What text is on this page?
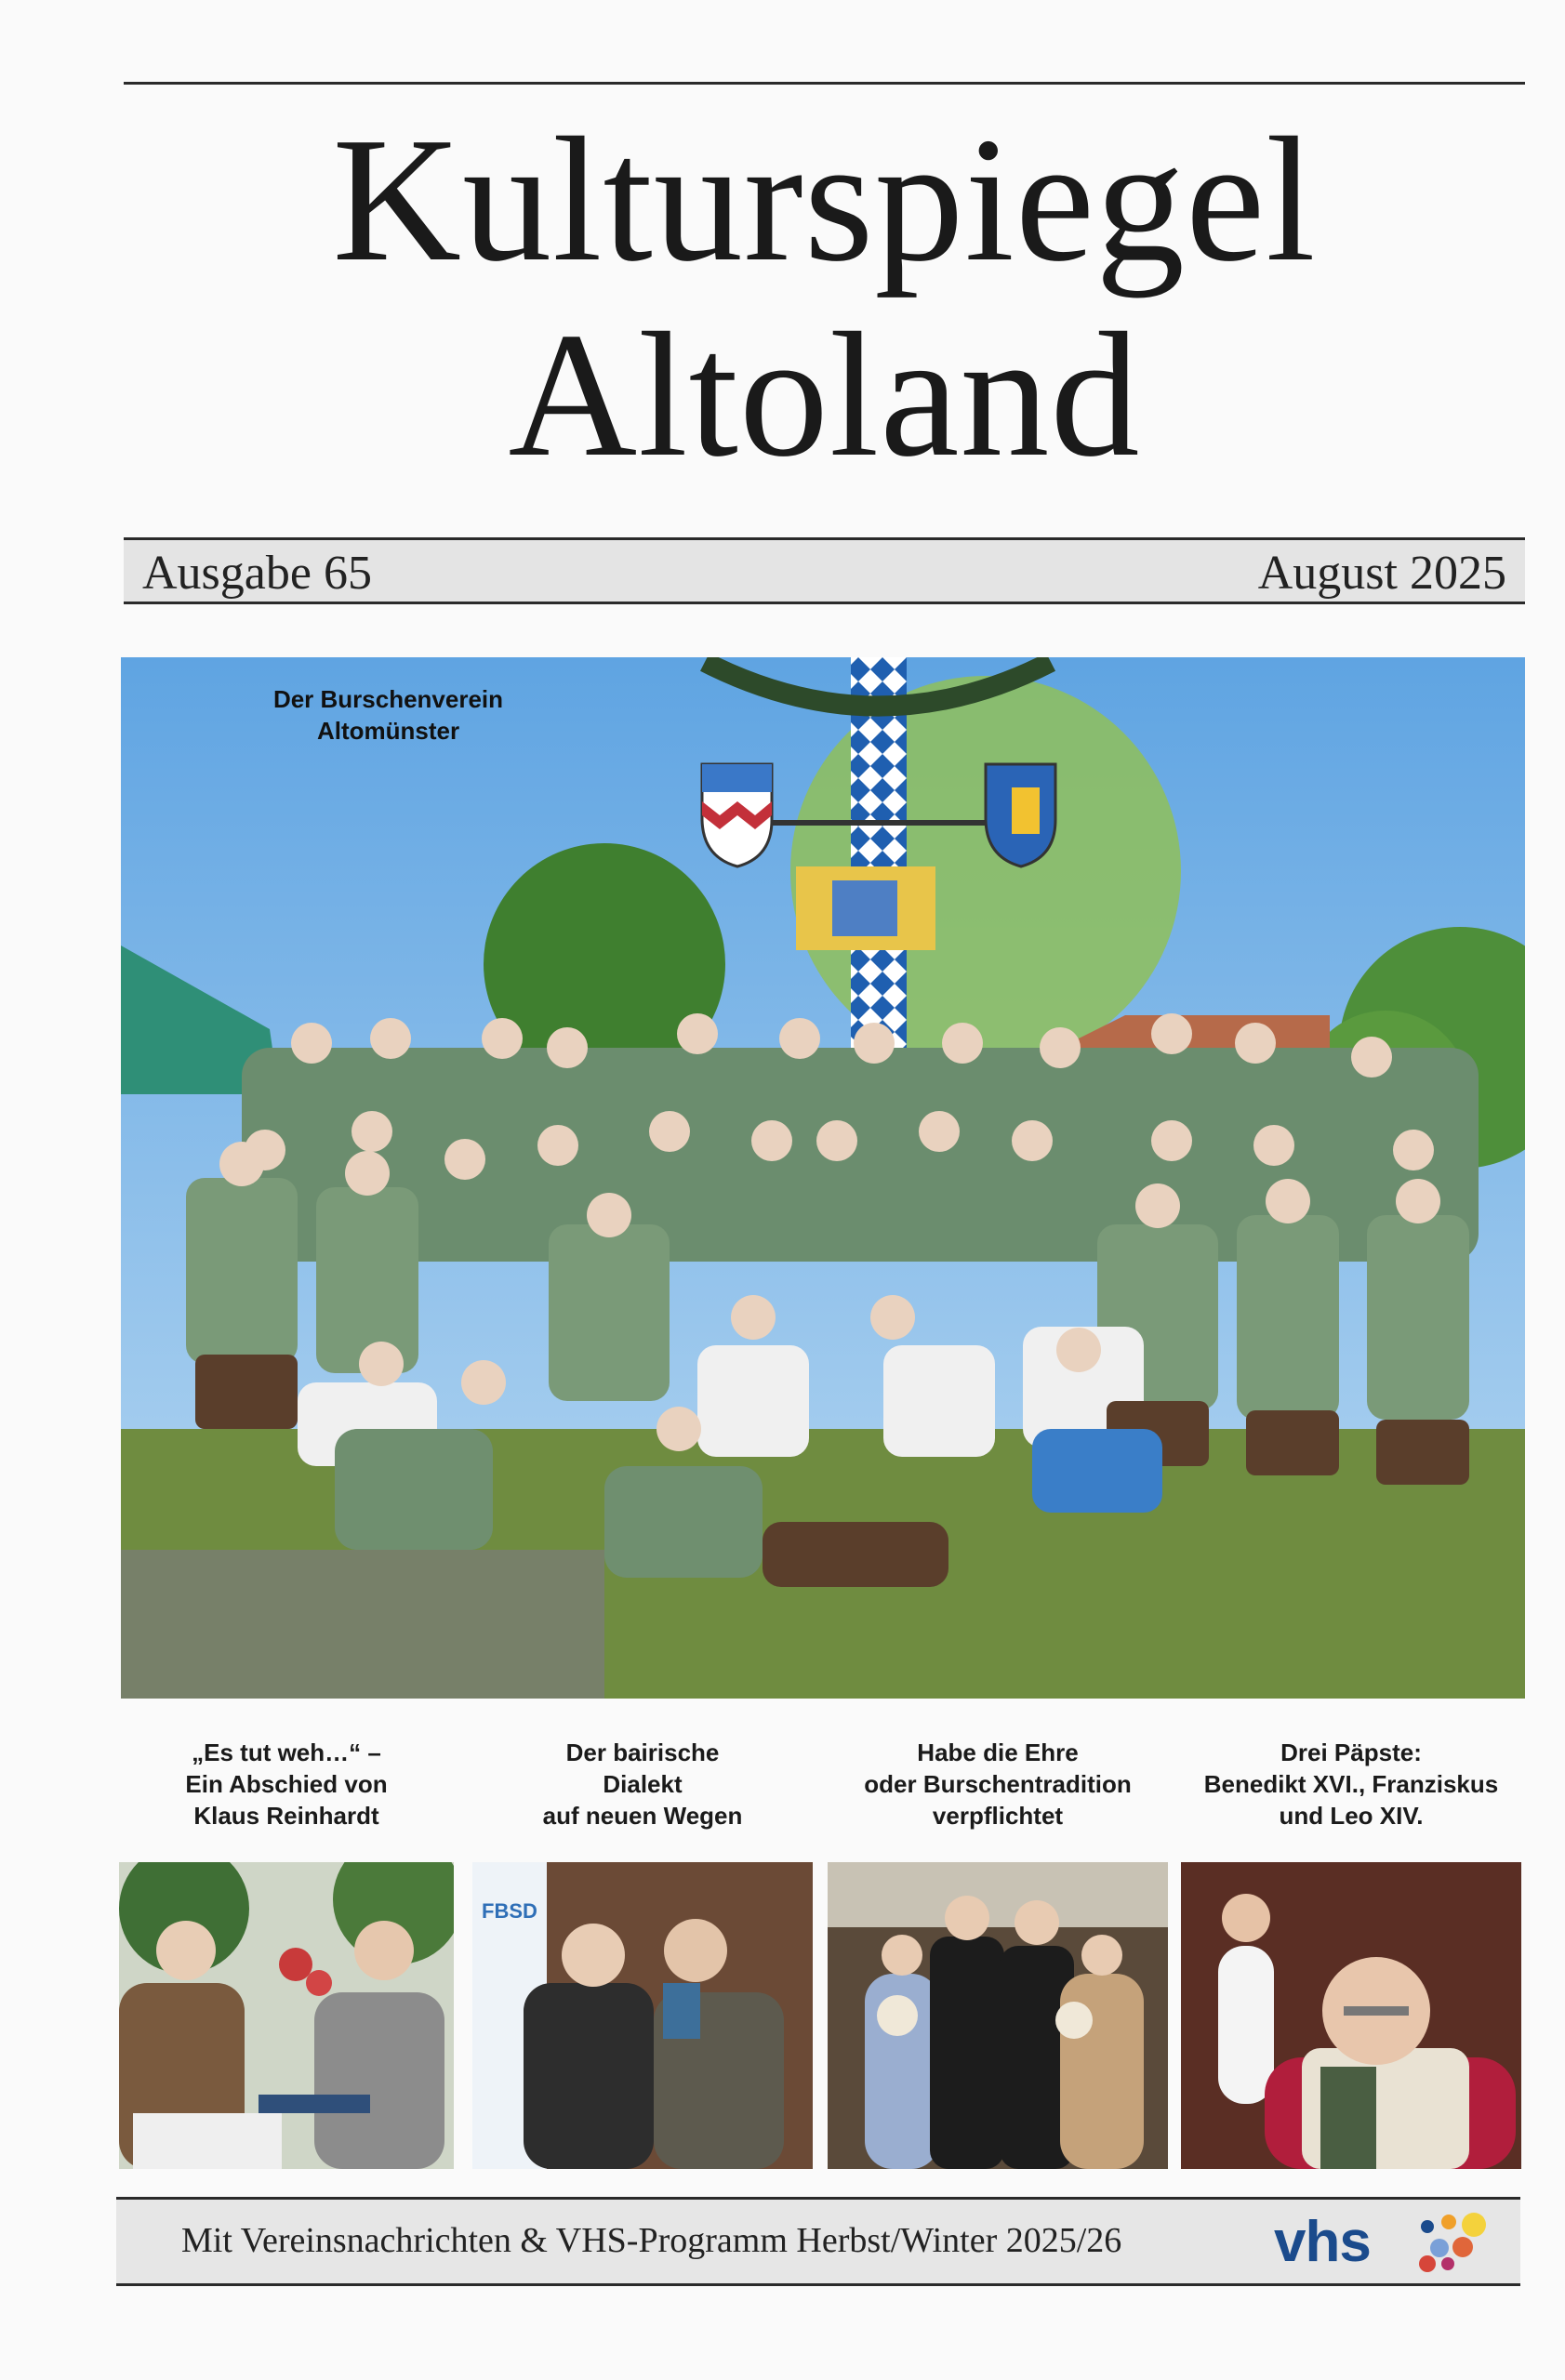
Kulturspiegel
Altoland
Ausgabe 65	August 2025
Der Burschenverein
Altomünster
„Es tut weh…“ –
Ein Abschied von
Klaus Reinhardt
Der bairische
Dialekt
auf neuen Wegen
Habe die Ehre
oder Burschentradition
verpflichtet
Drei Päpste:
Benedikt XVI., Franziskus
und Leo XIV.
FBSD
Mit Vereinsnachrichten & VHS-Programm Herbst/Winter 2025/26	vhs
